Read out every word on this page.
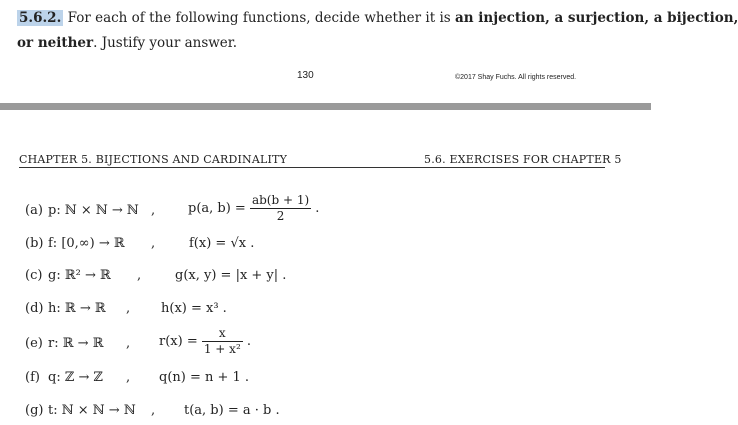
5.6.2. For each of the following functions, decide whether it is an injection, a surjection, a bijection,
or neither. Justify your answer.
130	©2017 Shay Fuchs. All rights reserved.
CHAPTER 5. BIJECTIONS AND CARDINALITY	5.6. EXERCISES FOR CHAPTER 5
(a) p: ℕ × ℕ → ℕ ,	p(a, $b) = \frac{ab(b + 1)}{2}$ .
(b) f: [0,∞) → ℝ ,	f(x) = √x .
(c) g: ℝ² → ℝ ,	g(x, y) = |x + y| .
(d) h: ℝ → ℝ , h(x) = x³ .
(e) r: ℝ → ℝ , $r(x) = \frac{x}{\text{1 + x²}}$ .
(f) q: ℤ → ℤ , q(n) = n + 1 .
(g) t: ℕ × ℕ → ℕ , t(a, b) = a · b .
